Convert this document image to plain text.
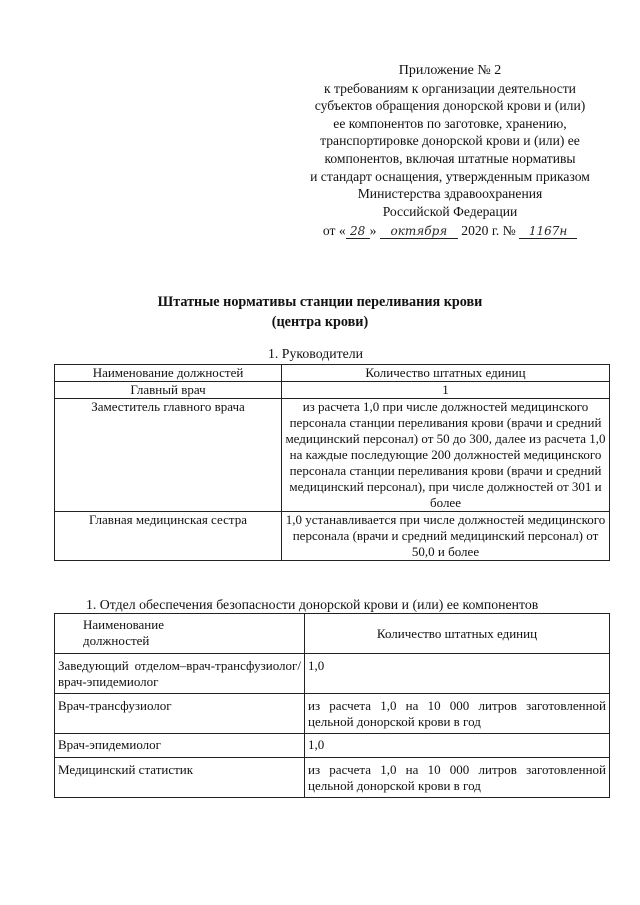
Приложение № 2
к требованиям к организации деятельности
субъектов обращения донорской крови и (или)
ее компонентов по заготовке, хранению,
транспортировке донорской крови и (или) ее
компонентов, включая штатные нормативы
и стандарт оснащения, утвержденным приказом
Министерства здравоохранения
Российской Федерации
от « 28 » октября 2020 г. № 1167н
Штатные нормативы станции переливания крови
(центра крови)
1. Руководители
Наименование должностей	Количество штатных единиц
Главный врач	1
Заместитель главного врача	из расчета 1,0 при числе должностей медицинского персонала станции переливания крови (врачи и средний медицинский персонал) от 50 до 300, далее из расчета 1,0 на каждые последующие 200 должностей медицинского персонала станции переливания крови (врачи и средний медицинский персонал), при числе должностей от 301 и более
Главная медицинская сестра	1,0 устанавливается при числе должностей медицинского персонала (врачи и средний медицинский персонал) от 50,0 и более
1. Отдел обеспечения безопасности донорской крови и (или) ее компонентов
Наименование должностей	Количество штатных единиц
Заведующий отделом–врач-трансфузиолог/врач-эпидемиолог	1,0
Врач-трансфузиолог	из расчета 1,0 на 10 000 литров заготовленной цельной донорской крови в год
Врач-эпидемиолог	1,0
Медицинский статистик	из расчета 1,0 на 10 000 литров заготовленной цельной донорской крови в год
